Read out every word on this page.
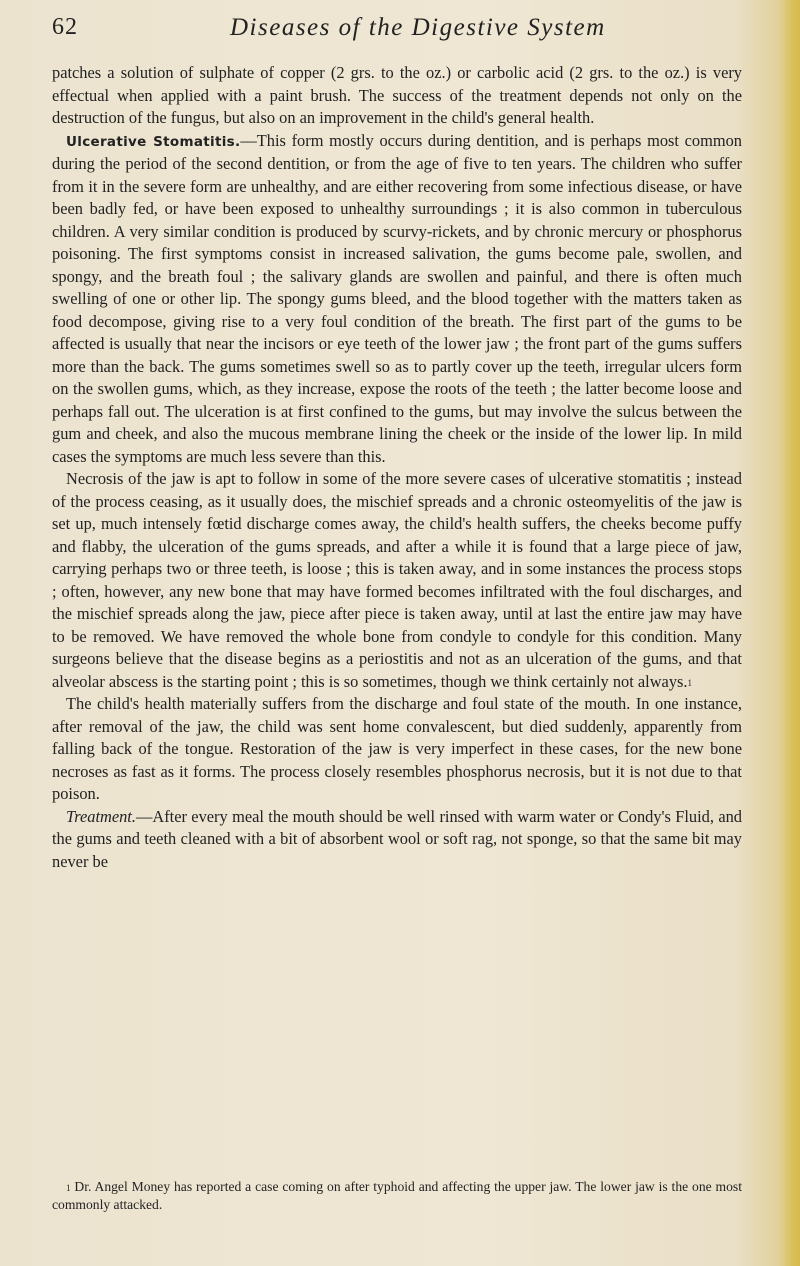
62	Diseases of the Digestive System

patches a solution of sulphate of copper (2 grs. to the oz.) or carbolic acid (2 grs. to the oz.) is very effectual when applied with a paint brush. The success of the treatment depends not only on the destruction of the fungus, but also on an improvement in the child's general health.

Ulcerative Stomatitis.—This form mostly occurs during dentition, and is perhaps most common during the period of the second dentition, or from the age of five to ten years. The children who suffer from it in the severe form are unhealthy, and are either recovering from some infectious disease, or have been badly fed, or have been exposed to unhealthy surroundings ; it is also common in tuberculous children. A very similar condition is produced by scurvy-rickets, and by chronic mercury or phosphorus poisoning. The first symptoms consist in increased salivation, the gums become pale, swollen, and spongy, and the breath foul ; the salivary glands are swollen and painful, and there is often much swelling of one or other lip. The spongy gums bleed, and the blood together with the matters taken as food decompose, giving rise to a very foul condition of the breath. The first part of the gums to be affected is usually that near the incisors or eye teeth of the lower jaw ; the front part of the gums suffers more than the back. The gums sometimes swell so as to partly cover up the teeth, irregular ulcers form on the swollen gums, which, as they increase, expose the roots of the teeth ; the latter become loose and perhaps fall out. The ulceration is at first confined to the gums, but may involve the sulcus between the gum and cheek, and also the mucous membrane lining the cheek or the inside of the lower lip. In mild cases the symptoms are much less severe than this.

Necrosis of the jaw is apt to follow in some of the more severe cases of ulcerative stomatitis ; instead of the process ceasing, as it usually does, the mischief spreads and a chronic osteomyelitis of the jaw is set up, much intensely fœtid discharge comes away, the child's health suffers, the cheeks become puffy and flabby, the ulceration of the gums spreads, and after a while it is found that a large piece of jaw, carrying perhaps two or three teeth, is loose ; this is taken away, and in some instances the process stops ; often, however, any new bone that may have formed becomes infiltrated with the foul discharges, and the mischief spreads along the jaw, piece after piece is taken away, until at last the entire jaw may have to be removed. We have removed the whole bone from condyle to condyle for this condition. Many surgeons believe that the disease begins as a periostitis and not as an ulceration of the gums, and that alveolar abscess is the starting point ; this is so sometimes, though we think certainly not always.$^1$

The child's health materially suffers from the discharge and foul state of the mouth. In one instance, after removal of the jaw, the child was sent home convalescent, but died suddenly, apparently from falling back of the tongue. Restoration of the jaw is very imperfect in these cases, for the new bone necroses as fast as it forms. The process closely resembles phosphorus necrosis, but it is not due to that poison.

Treatment.—After every meal the mouth should be well rinsed with warm water or Condy's Fluid, and the gums and teeth cleaned with a bit of absorbent wool or soft rag, not sponge, so that the same bit may never be

$^1$ Dr. Angel Money has reported a case coming on after typhoid and affecting the upper jaw. The lower jaw is the one most commonly attacked.
